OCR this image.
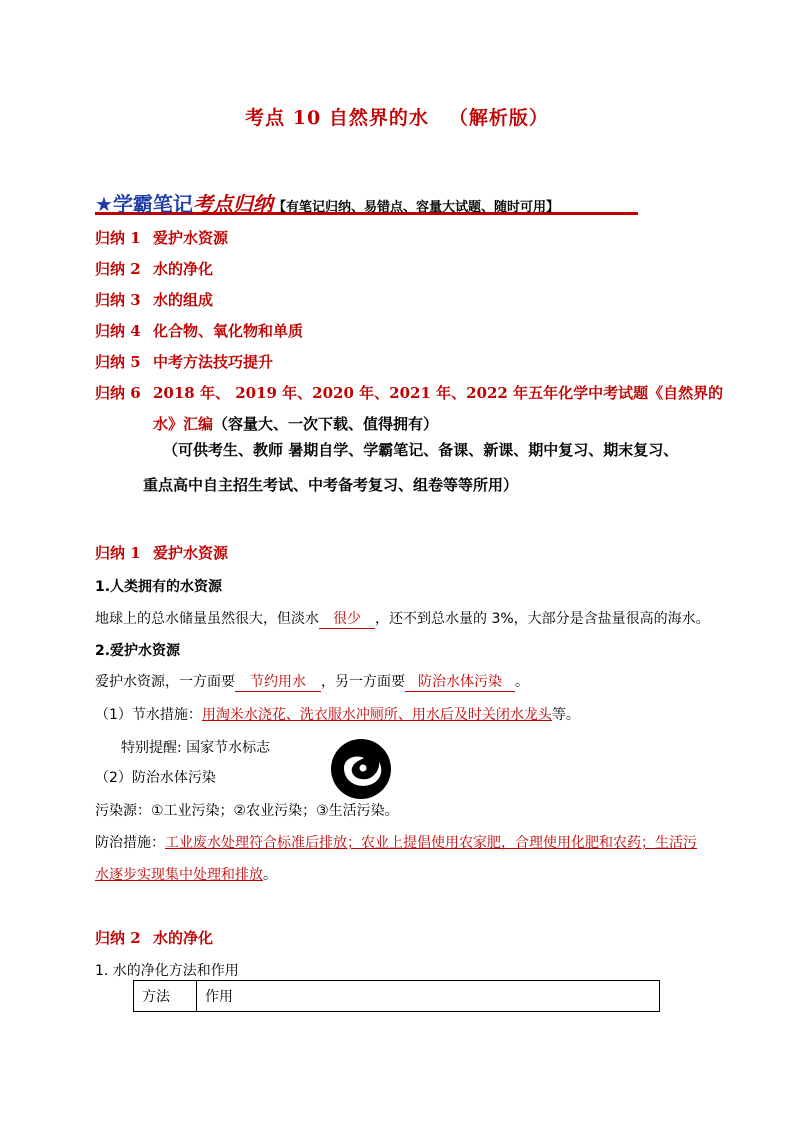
考点 10 自然界的水 （解析版）
★学霸笔记考点归纳【有笔记归纳、易错点、容量大试题、随时可用】
归纳 1 爱护水资源
归纳 2 水的净化
归纳 3 水的组成
归纳 4 化合物、氧化物和单质
归纳 5 中考方法技巧提升
归纳 6 2018 年、 2019 年、2020 年、2021 年、2022 年五年化学中考试题《自然界的
水》汇编（容量大、一次下载、值得拥有）
（可供考生、教师 暑期自学、学霸笔记、备课、新课、期中复习、期末复习、
重点高中自主招生考试、中考备考复习、组卷等等所用）
归纳 1 爱护水资源
1.人类拥有的水资源
地球上的总水储量虽然很大，但淡水 很少 ，还不到总水量的 3%，大部分是含盐量很高的海水。
2.爱护水资源
爱护水资源，一方面要 节约用水 ，另一方面要 防治水体污染 。
（1）节水措施：用淘米水浇花、洗衣服水冲厕所、用水后及时关闭水龙头等。
特别提醒: 国家节水标志
（2）防治水体污染
污染源：①工业污染；②农业污染；③生活污染。
防治措施：工业废水处理符合标准后排放；农业上提倡使用农家肥，合理使用化肥和农药；生活污
水逐步实现集中处理和排放。
归纳 2 水的净化
1. 水的净化方法和作用
方法	作用
